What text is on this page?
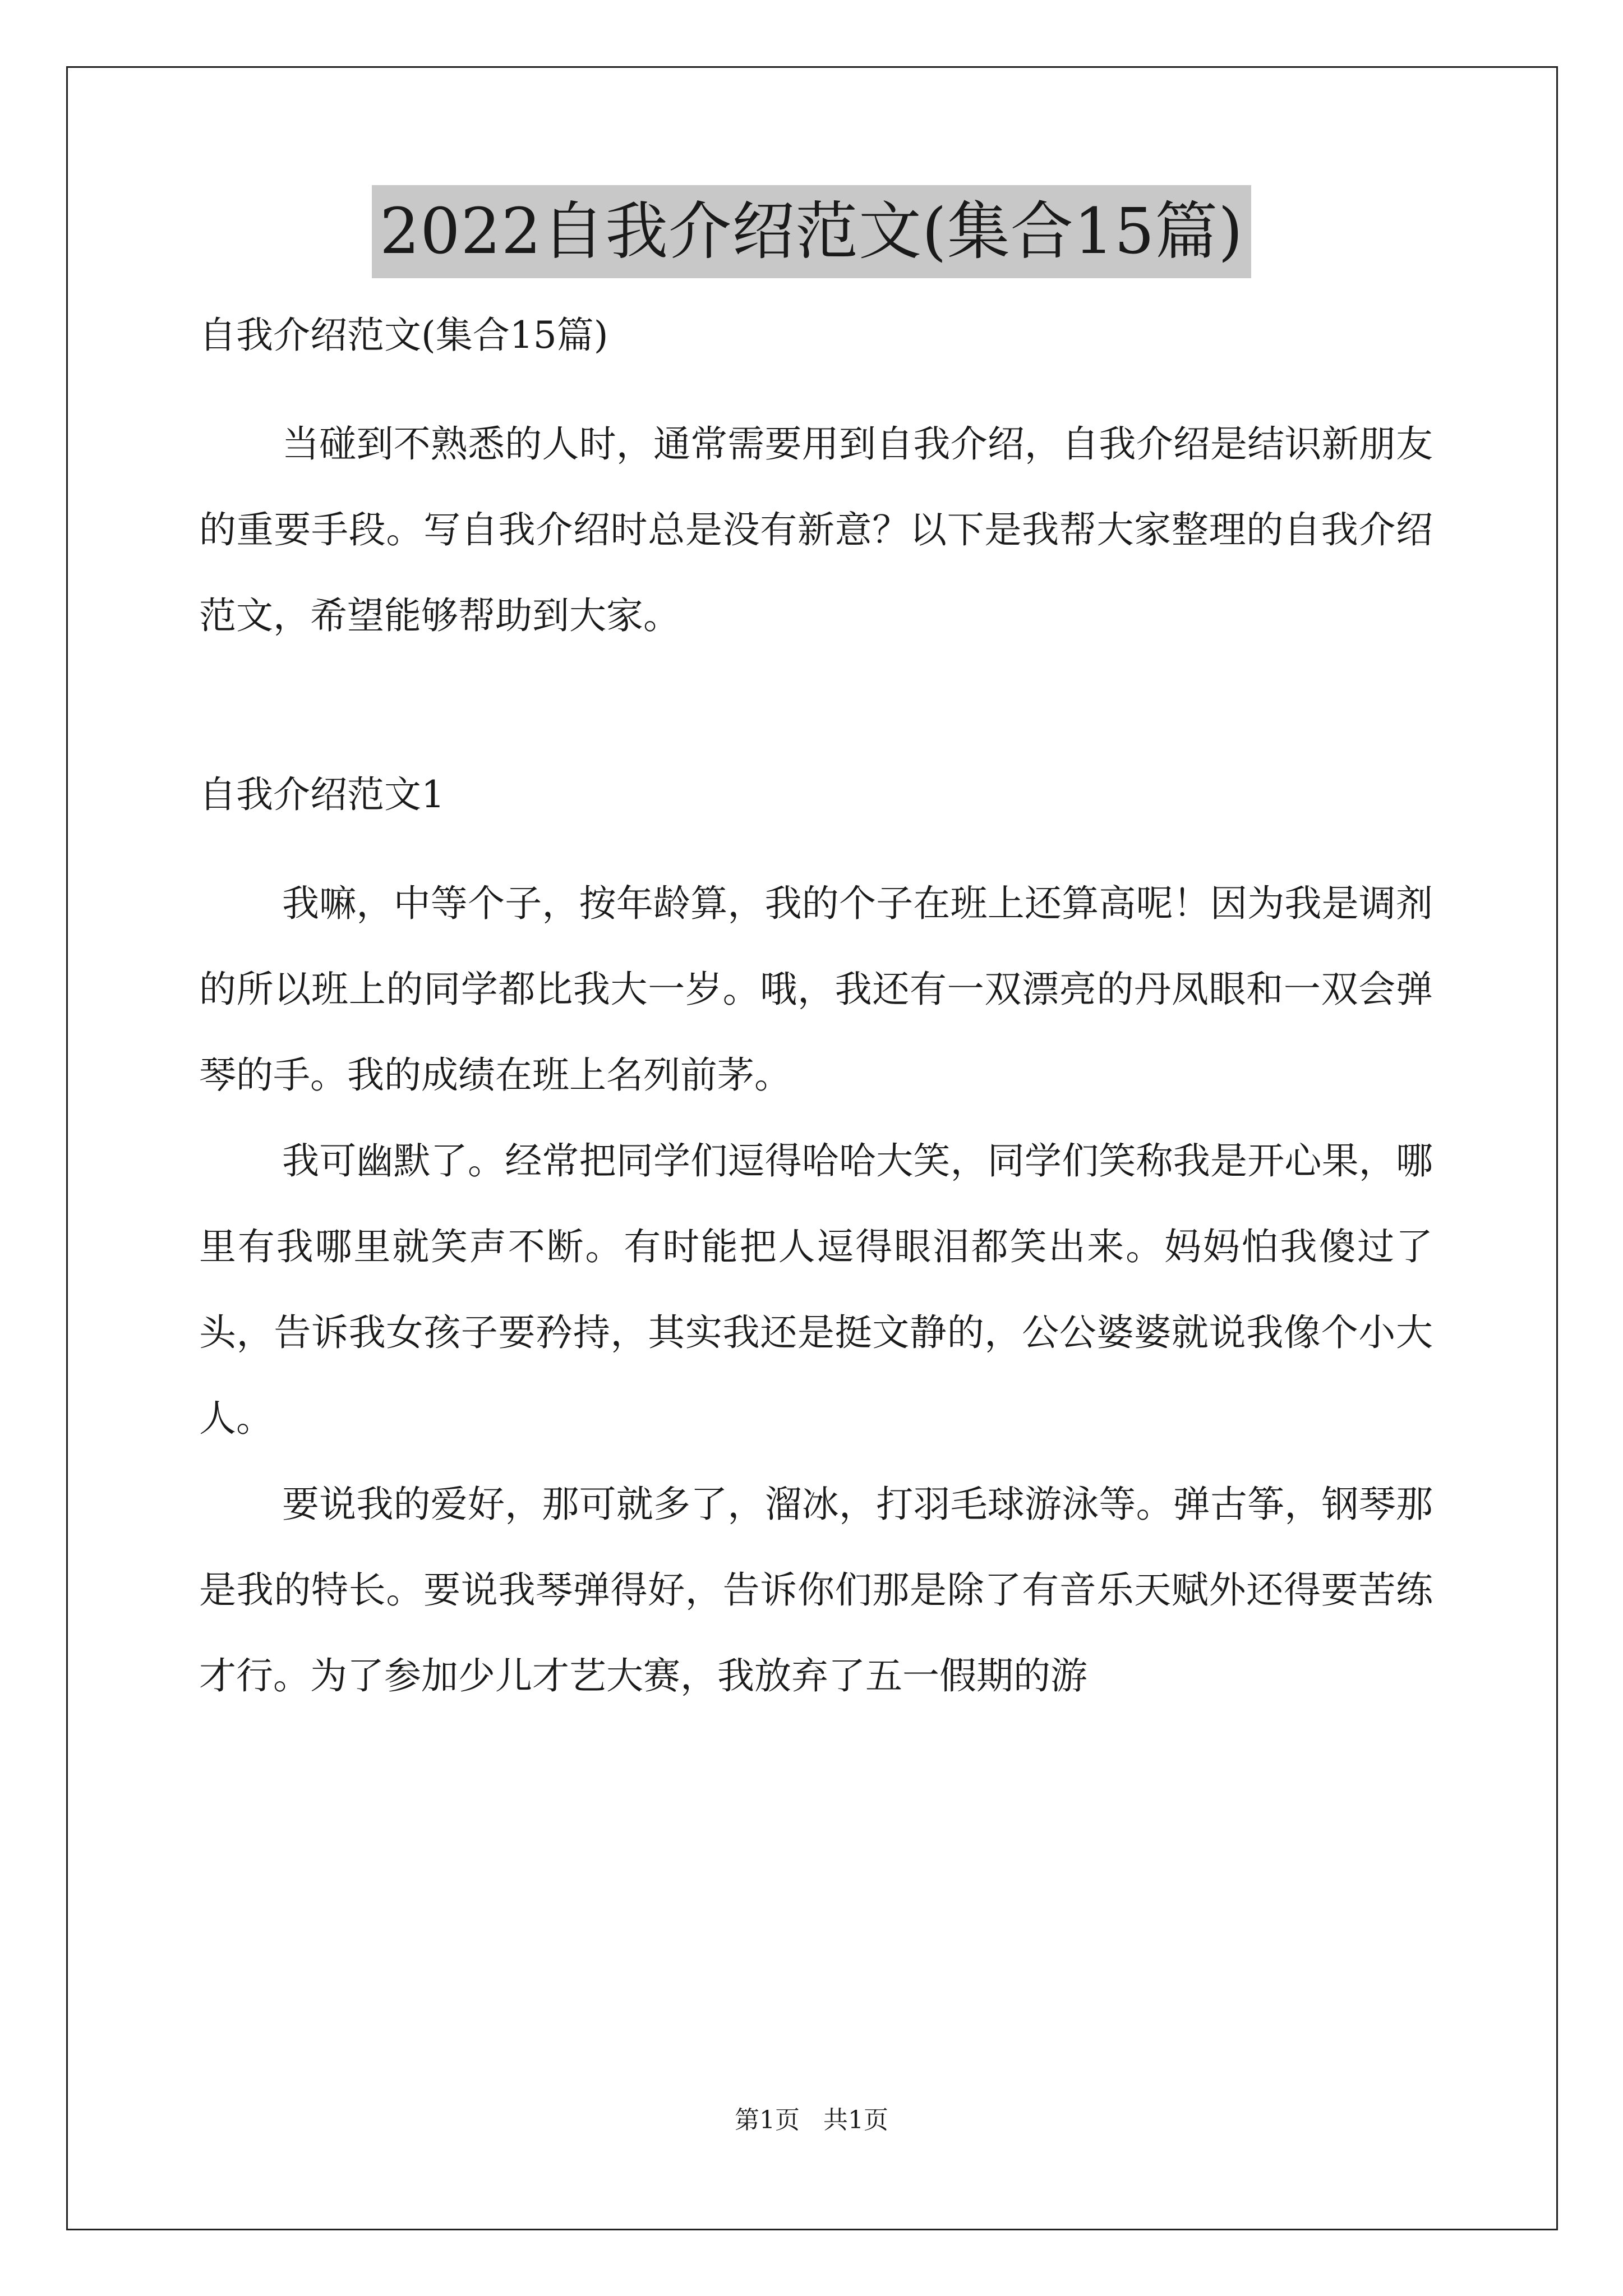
2022自我介绍范文(集合15篇)

自我介绍范文(集合15篇)

当碰到不熟悉的人时，通常需要用到自我介绍，自我介绍是结识新朋友的重要手段。写自我介绍时总是没有新意？以下是我帮大家整理的自我介绍范文，希望能够帮助到大家。

自我介绍范文1

我嘛，中等个子，按年龄算，我的个子在班上还算高呢！因为我是调剂的所以班上的同学都比我大一岁。哦，我还有一双漂亮的丹凤眼和一双会弹琴的手。我的成绩在班上名列前茅。

我可幽默了。经常把同学们逗得哈哈大笑，同学们笑称我是开心果，哪里有我哪里就笑声不断。有时能把人逗得眼泪都笑出来。妈妈怕我傻过了头，告诉我女孩子要矜持，其实我还是挺文静的，公公婆婆就说我像个小大人。

要说我的爱好，那可就多了，溜冰，打羽毛球游泳等。弹古筝，钢琴那是我的特长。要说我琴弹得好，告诉你们那是除了有音乐天赋外还得要苦练才行。为了参加少儿才艺大赛，我放弃了五一假期的游

第1页 共1页
